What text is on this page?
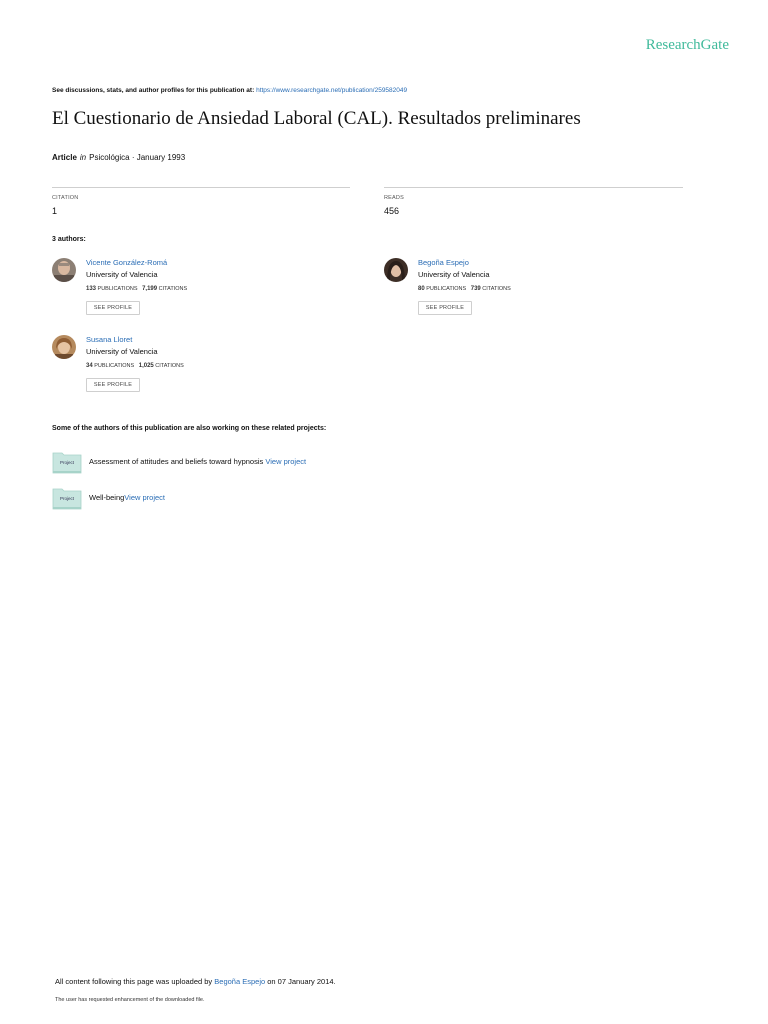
ResearchGate
See discussions, stats, and author profiles for this publication at: https://www.researchgate.net/publication/259582049
El Cuestionario de Ansiedad Laboral (CAL). Resultados preliminares
Article in Psicológica · January 1993
CITATION
1
READS
456
3 authors:
Vicente González-Romá
University of Valencia
133 PUBLICATIONS 7,199 CITATIONS
SEE PROFILE
Begoña Espejo
University of Valencia
80 PUBLICATIONS 739 CITATIONS
SEE PROFILE
Susana Lloret
University of Valencia
34 PUBLICATIONS 1,025 CITATIONS
SEE PROFILE
Some of the authors of this publication are also working on these related projects:
Project	Assessment of attitudes and beliefs toward hypnosis View project
Project	Well-beingView project
All content following this page was uploaded by Begoña Espejo on 07 January 2014.
The user has requested enhancement of the downloaded file.
